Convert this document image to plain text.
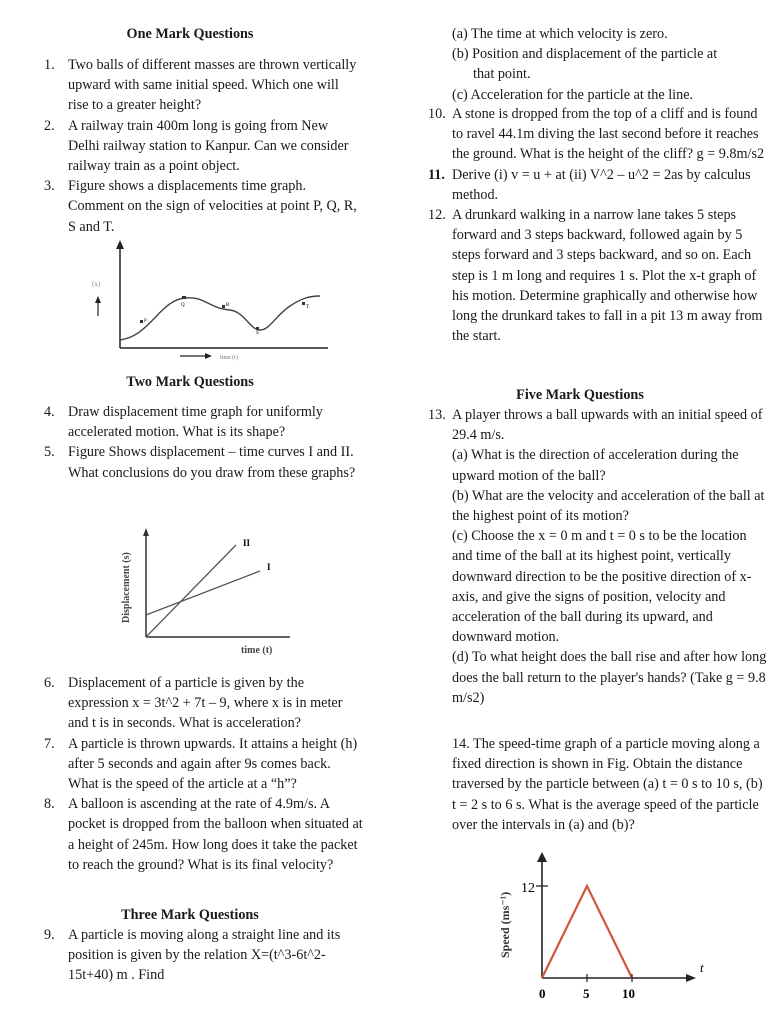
One Mark Questions
1. Two balls of different masses are thrown vertically upward with same initial speed. Which one will rise to a greater height?
2. A railway train 400m long is going from New Delhi railway station to Kanpur. Can we consider railway train as a point object.
3. Figure shows a displacements time graph. Comment on the sign of velocities at point P, Q, R, S and T.
(x)
P
Q	R
S
T
time (t)
Two Mark Questions
4. Draw displacement time graph for uniformly accelerated motion. What is its shape?
5. Figure Shows displacement – time curves I and II. What conclusions do you draw from these graphs?
Displacement (s)
II
I
time (t)
6. Displacement of a particle is given by the expression x = 3t^2 + 7t – 9, where x is in meter and t is in seconds. What is acceleration?
7. A particle is thrown upwards. It attains a height (h) after 5 seconds and again after 9s comes back. What is the speed of the article at a “h”?
8. A balloon is ascending at the rate of 4.9m/s. A pocket is dropped from the balloon when situated at a height of 245m. How long does it take the packet to reach the ground? What is its final velocity?
Three Mark Questions
9. A particle is moving along a straight line and its position is given by the relation X=(t^3-6t^2-15t+40) m . Find
(a) The time at which velocity is zero.
(b) Position and displacement of the particle at
that point.
(c) Acceleration for the particle at the line.
10. A stone is dropped from the top of a cliff and is found to ravel 44.1m diving the last second before it reaches the ground. What is the height of the cliff? g = 9.8m/s2
11. Derive (i) v = u + at (ii) V^2 – u^2 = 2as by calculus method.
12. A drunkard walking in a narrow lane takes 5 steps forward and 3 steps backward, followed again by 5 steps forward and 3 steps backward, and so on. Each step is 1 m long and requires 1 s. Plot the x-t graph of his motion. Determine graphically and otherwise how long the drunkard takes to fall in a pit 13 m away from the start.
Five Mark Questions
13. A player throws a ball upwards with an initial speed of 29.4 m/s.
(a) What is the direction of acceleration during the upward motion of the ball?
(b) What are the velocity and acceleration of the ball at the highest point of its motion?
(c) Choose the x = 0 m and t = 0 s to be the location and time of the ball at its highest point, vertically downward direction to be the positive direction of x-axis, and give the signs of position, velocity and acceleration of the ball during its upward, and downward motion.
(d) To what height does the ball rise and after how long does the ball return to the player's hands? (Take g = 9.8 m/s2)
14. The speed-time graph of a particle moving along a fixed direction is shown in Fig. Obtain the distance traversed by the particle between (a) t = 0 s to 10 s, (b) t = 2 s to 6 s. What is the average speed of the particle over the intervals in (a) and (b)?
12
Speed (ms⁻¹)
0	5	10
t
